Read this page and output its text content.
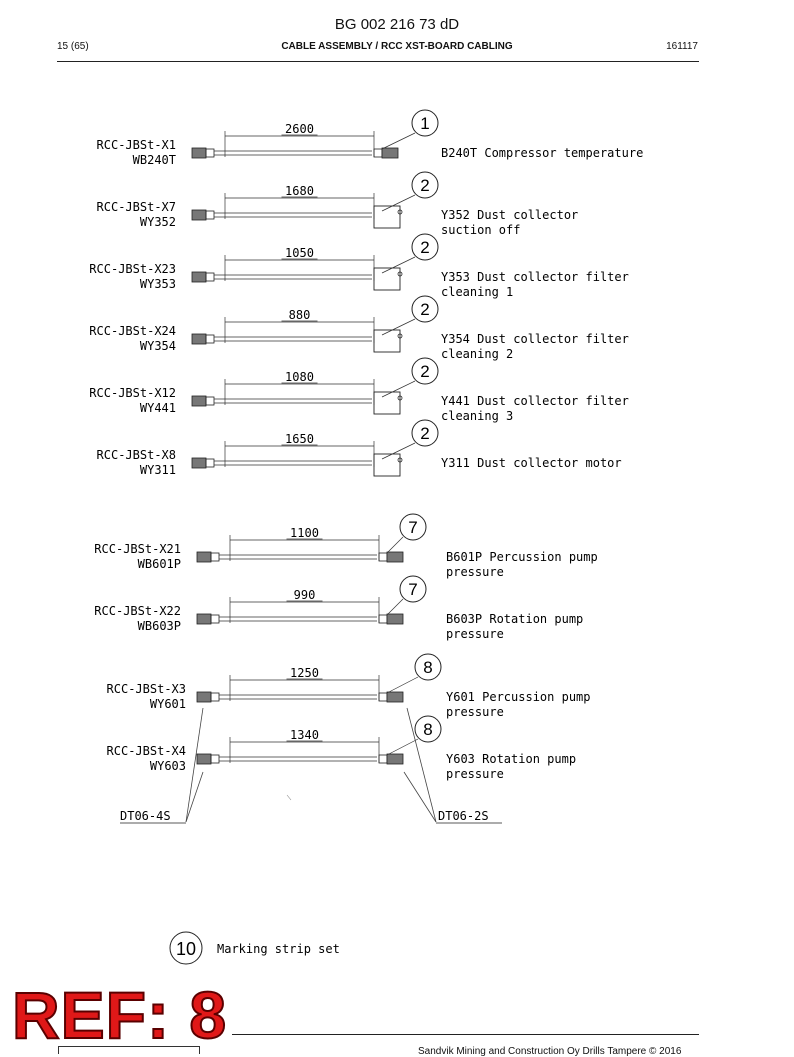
BG 002 216 73 dD
15 (65)	CABLE ASSEMBLY / RCC XST-BOARD CABLING	161117
RCC-JBSt-X1
WB240T
2600	1
B240T Compressor temperature
RCC-JBSt-X7
WY352
1680	2
Y352 Dust collector
suction off
RCC-JBSt-X23
WY353
1050	2
Y353 Dust collector filter
cleaning 1
RCC-JBSt-X24
WY354
880	2
Y354 Dust collector filter
cleaning 2
RCC-JBSt-X12
WY441
1080	2
Y441 Dust collector filter
cleaning 3
RCC-JBSt-X8
WY311
1650	2
Y311 Dust collector motor
RCC-JBSt-X21
WB601P
1100	7
B601P Percussion pump
pressure
RCC-JBSt-X22
WB603P
990	7
B603P Rotation pump
pressure
RCC-JBSt-X3
WY601
1250	8
Y601 Percussion pump
pressure
RCC-JBSt-X4
WY603
1340	8
Y603 Rotation pump
pressure
DT06-4S	DT06-2S
10 Marking strip set
REF: 8	Sandvik Mining and Construction Oy Drills Tampere © 2016
